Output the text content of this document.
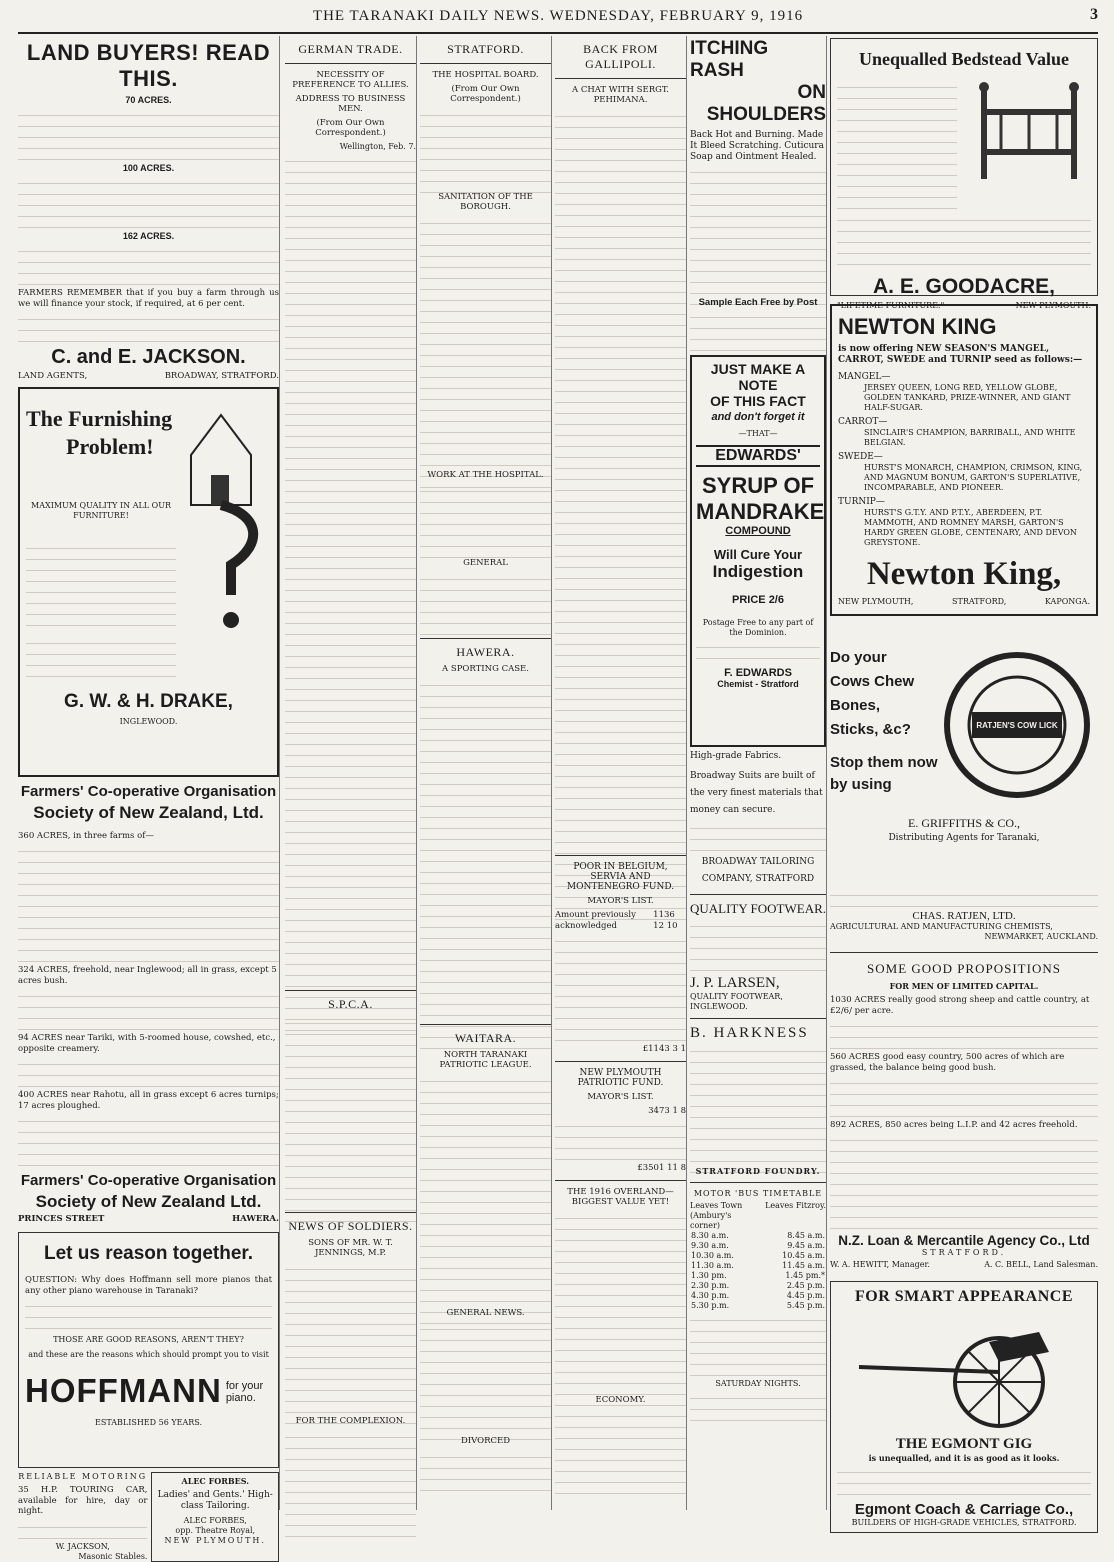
THE TARANAKI DAILY NEWS. WEDNESDAY, FEBRUARY 9, 1916	3
LAND BUYERS! READ THIS.
70 ACRES.
100 ACRES.
162 ACRES.
FARMERS REMEMBER that if you buy a farm through us we will finance your stock, if required, at 6 per cent.
C. and E. JACKSON.
LAND AGENTS,	BROADWAY, STRATFORD.
The Furnishing
Problem!
MAXIMUM QUALITY IN ALL OUR FURNITURE!
G. W. & H. DRAKE,
INGLEWOOD.
Farmers' Co-operative Organisation
Society of New Zealand, Ltd.
360 ACRES, in three farms of—
324 ACRES, freehold, near Inglewood; all in grass, except 5 acres bush.
94 ACRES near Tariki, with 5-roomed house, cowshed, etc., opposite creamery.
400 ACRES near Rahotu, all in grass except 6 acres turnips; 17 acres ploughed.
Farmers' Co-operative Organisation
Society of New Zealand Ltd.
PRINCES STREET	HAWERA.
Let us reason together.
QUESTION: Why does Hoffmann sell more pianos that any other piano warehouse in Taranaki?
THOSE ARE GOOD REASONS, AREN'T THEY?
and these are the reasons which should prompt you to visit
HOFFMANN for your piano.
ESTABLISHED 56 YEARS.
RELIABLE MOTORING
35 H.P. TOURING CAR, available for hire, day or night.
W. JACKSON,
Masonic Stables.
ALEC FORBES.
Ladies' and Gents.' High-class Tailoring.
ALEC FORBES,
opp. Theatre Royal,
NEW PLYMOUTH.
GERMAN TRADE.
NECESSITY OF PREFERENCE TO ALLIES.
ADDRESS TO BUSINESS MEN.
(From Our Own Correspondent.)
Wellington, Feb. 7.
S.P.C.A.
NEWS OF SOLDIERS.
SONS OF MR. W. T. JENNINGS, M.P.
FOR THE COMPLEXION.
STRATFORD.
THE HOSPITAL BOARD.
(From Our Own Correspondent.)
SANITATION OF THE BOROUGH.
WORK AT THE HOSPITAL.
GENERAL
HAWERA.
A SPORTING CASE.
WAITARA.
NORTH TARANAKI PATRIOTIC LEAGUE.
GENERAL NEWS.
DIVORCED
BACK FROM GALLIPOLI.
A CHAT WITH SERGT. PEHIMANA.
POOR IN BELGIUM, SERVIA AND MONTENEGRO FUND.
MAYOR'S LIST.
Amount previously acknowledged
1136 12 10
£1143 3 1
NEW PLYMOUTH PATRIOTIC FUND.
MAYOR'S LIST.
3473 1 8
£3501 11 8
THE 1916 OVERLAND—BIGGEST VALUE YET!
ECONOMY.
ITCHING RASH
ON SHOULDERS
Back Hot and Burning. Made It Bleed Scratching. Cuticura Soap and Ointment Healed.
Sample Each Free by Post
JUST MAKE A NOTE
OF THIS FACT
and don't forget it
—THAT—
EDWARDS'
SYRUP OF
MANDRAKE
COMPOUND
Will Cure Your
Indigestion
PRICE 2/6
Postage Free to any part of the Dominion.
F. EDWARDS
Chemist - Stratford
High-grade Fabrics.
Broadway Suits are built of the very finest materials that money can secure.
BROADWAY TAILORING COMPANY, STRATFORD
QUALITY FOOTWEAR.
J. P. LARSEN,
QUALITY FOOTWEAR, INGLEWOOD.
B. HARKNESS
STRATFORD FOUNDRY.
MOTOR 'BUS TIMETABLE
Leaves Town (Ambury's corner)
Leaves Fitzroy.
8.30 a.m.	8.45 a.m.
9.30 a.m.	9.45 a.m.
10.30 a.m.	10.45 a.m.
11.30 a.m.	11.45 a.m.
1.30 pm.	1.45 pm.*
2.30 p.m.	2.45 p.m.
4.30 p.m.	4.45 p.m.
5.30 p.m.	5.45 p.m.
SATURDAY NIGHTS.
Unequalled Bedstead Value
A. E. GOODACRE,
"LIFETIME FURNITURE."	NEW PLYMOUTH.
NEWTON KING
is now offering NEW SEASON'S MANGEL, CARROT, SWEDE and TURNIP seed as follows:—
MANGEL—
JERSEY QUEEN, LONG RED, YELLOW GLOBE, GOLDEN TANKARD, PRIZE-WINNER, AND GIANT HALF-SUGAR.
CARROT—
SINCLAIR'S CHAMPION, BARRIBALL, AND WHITE BELGIAN.
SWEDE—
HURST'S MONARCH, CHAMPION, CRIMSON, KING, AND MAGNUM BONUM, GARTON'S SUPERLATIVE, INCOMPARABLE, AND PIONEER.
TURNIP—
HURST'S G.T.Y. AND P.T.Y., ABERDEEN, P.T. MAMMOTH, AND ROMNEY MARSH, GARTON'S HARDY GREEN GLOBE, CENTENARY, AND DEVON GREYSTONE.
Newton King,
NEW PLYMOUTH,	STRATFORD,	KAPONGA.
RATJEN'S COW LICK
Do your Cows Chew Bones, Sticks, &c?
Stop them now by using
E. GRIFFITHS & CO.,
Distributing Agents for Taranaki,
CHAS. RATJEN, LTD.
AGRICULTURAL AND MANUFACTURING CHEMISTS,
NEWMARKET, AUCKLAND.
SOME GOOD PROPOSITIONS
FOR MEN OF LIMITED CAPITAL.
1030 ACRES really good strong sheep and cattle country, at £2/6/ per acre.
560 ACRES good easy country, 500 acres of which are grassed, the balance being good bush.
892 ACRES, 850 acres being L.I.P. and 42 acres freehold.
N.Z. Loan & Mercantile Agency Co., Ltd
STRATFORD.
W. A. HEWITT, Manager.	A. C. BELL, Land Salesman.
FOR SMART APPEARANCE
THE EGMONT GIG
is unequalled, and it is as good as it looks.
Egmont Coach & Carriage Co.,
BUILDERS OF HIGH-GRADE VEHICLES, STRATFORD.
